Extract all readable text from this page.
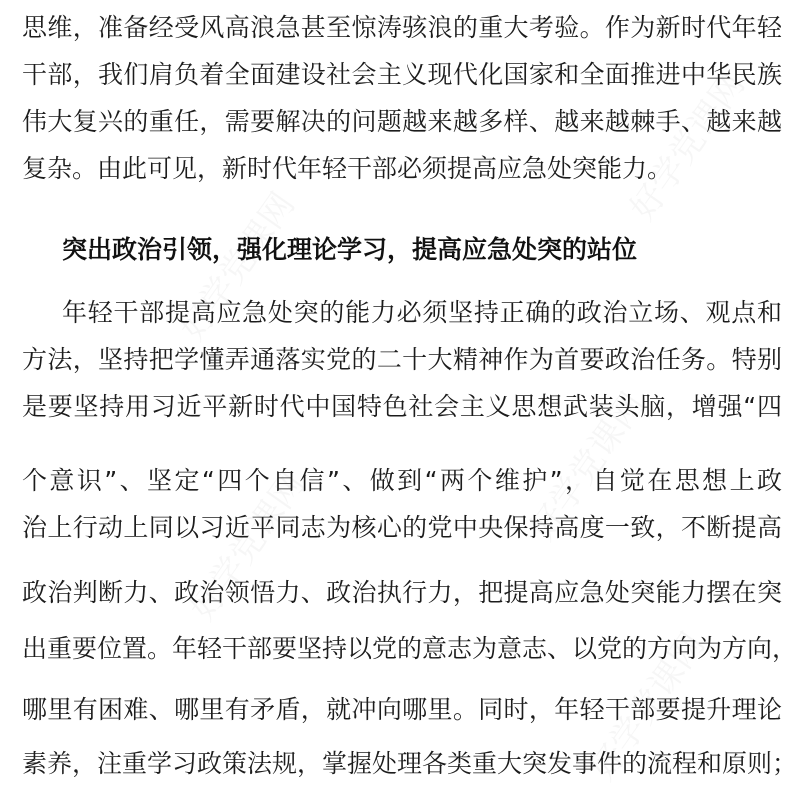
好学党课网
好学党课网
好学党课网
好学党课网
好学党课网
思维，准备经受风高浪急甚至惊涛骇浪的重大考验。作为新时代年轻
干部，我们肩负着全面建设社会主义现代化国家和全面推进中华民族
伟大复兴的重任，需要解决的问题越来越多样、越来越棘手、越来越
复杂。由此可见，新时代年轻干部必须提高应急处突能力。
突出政治引领，强化理论学习，提高应急处突的站位
年轻干部提高应急处突的能力必须坚持正确的政治立场、观点和
方法，坚持把学懂弄通落实党的二十大精神作为首要政治任务。特别
是要坚持用习近平新时代中国特色社会主义思想武装头脑，增强“四
个意识”、坚定“四个自信”、做到“两个维护”，自觉在思想上政
治上行动上同以习近平同志为核心的党中央保持高度一致，不断提高
政治判断力、政治领悟力、政治执行力，把提高应急处突能力摆在突
出重要位置。年轻干部要坚持以党的意志为意志、以党的方向为方向，
哪里有困难、哪里有矛盾，就冲向哪里。同时，年轻干部要提升理论
素养，注重学习政策法规，掌握处理各类重大突发事件的流程和原则；
